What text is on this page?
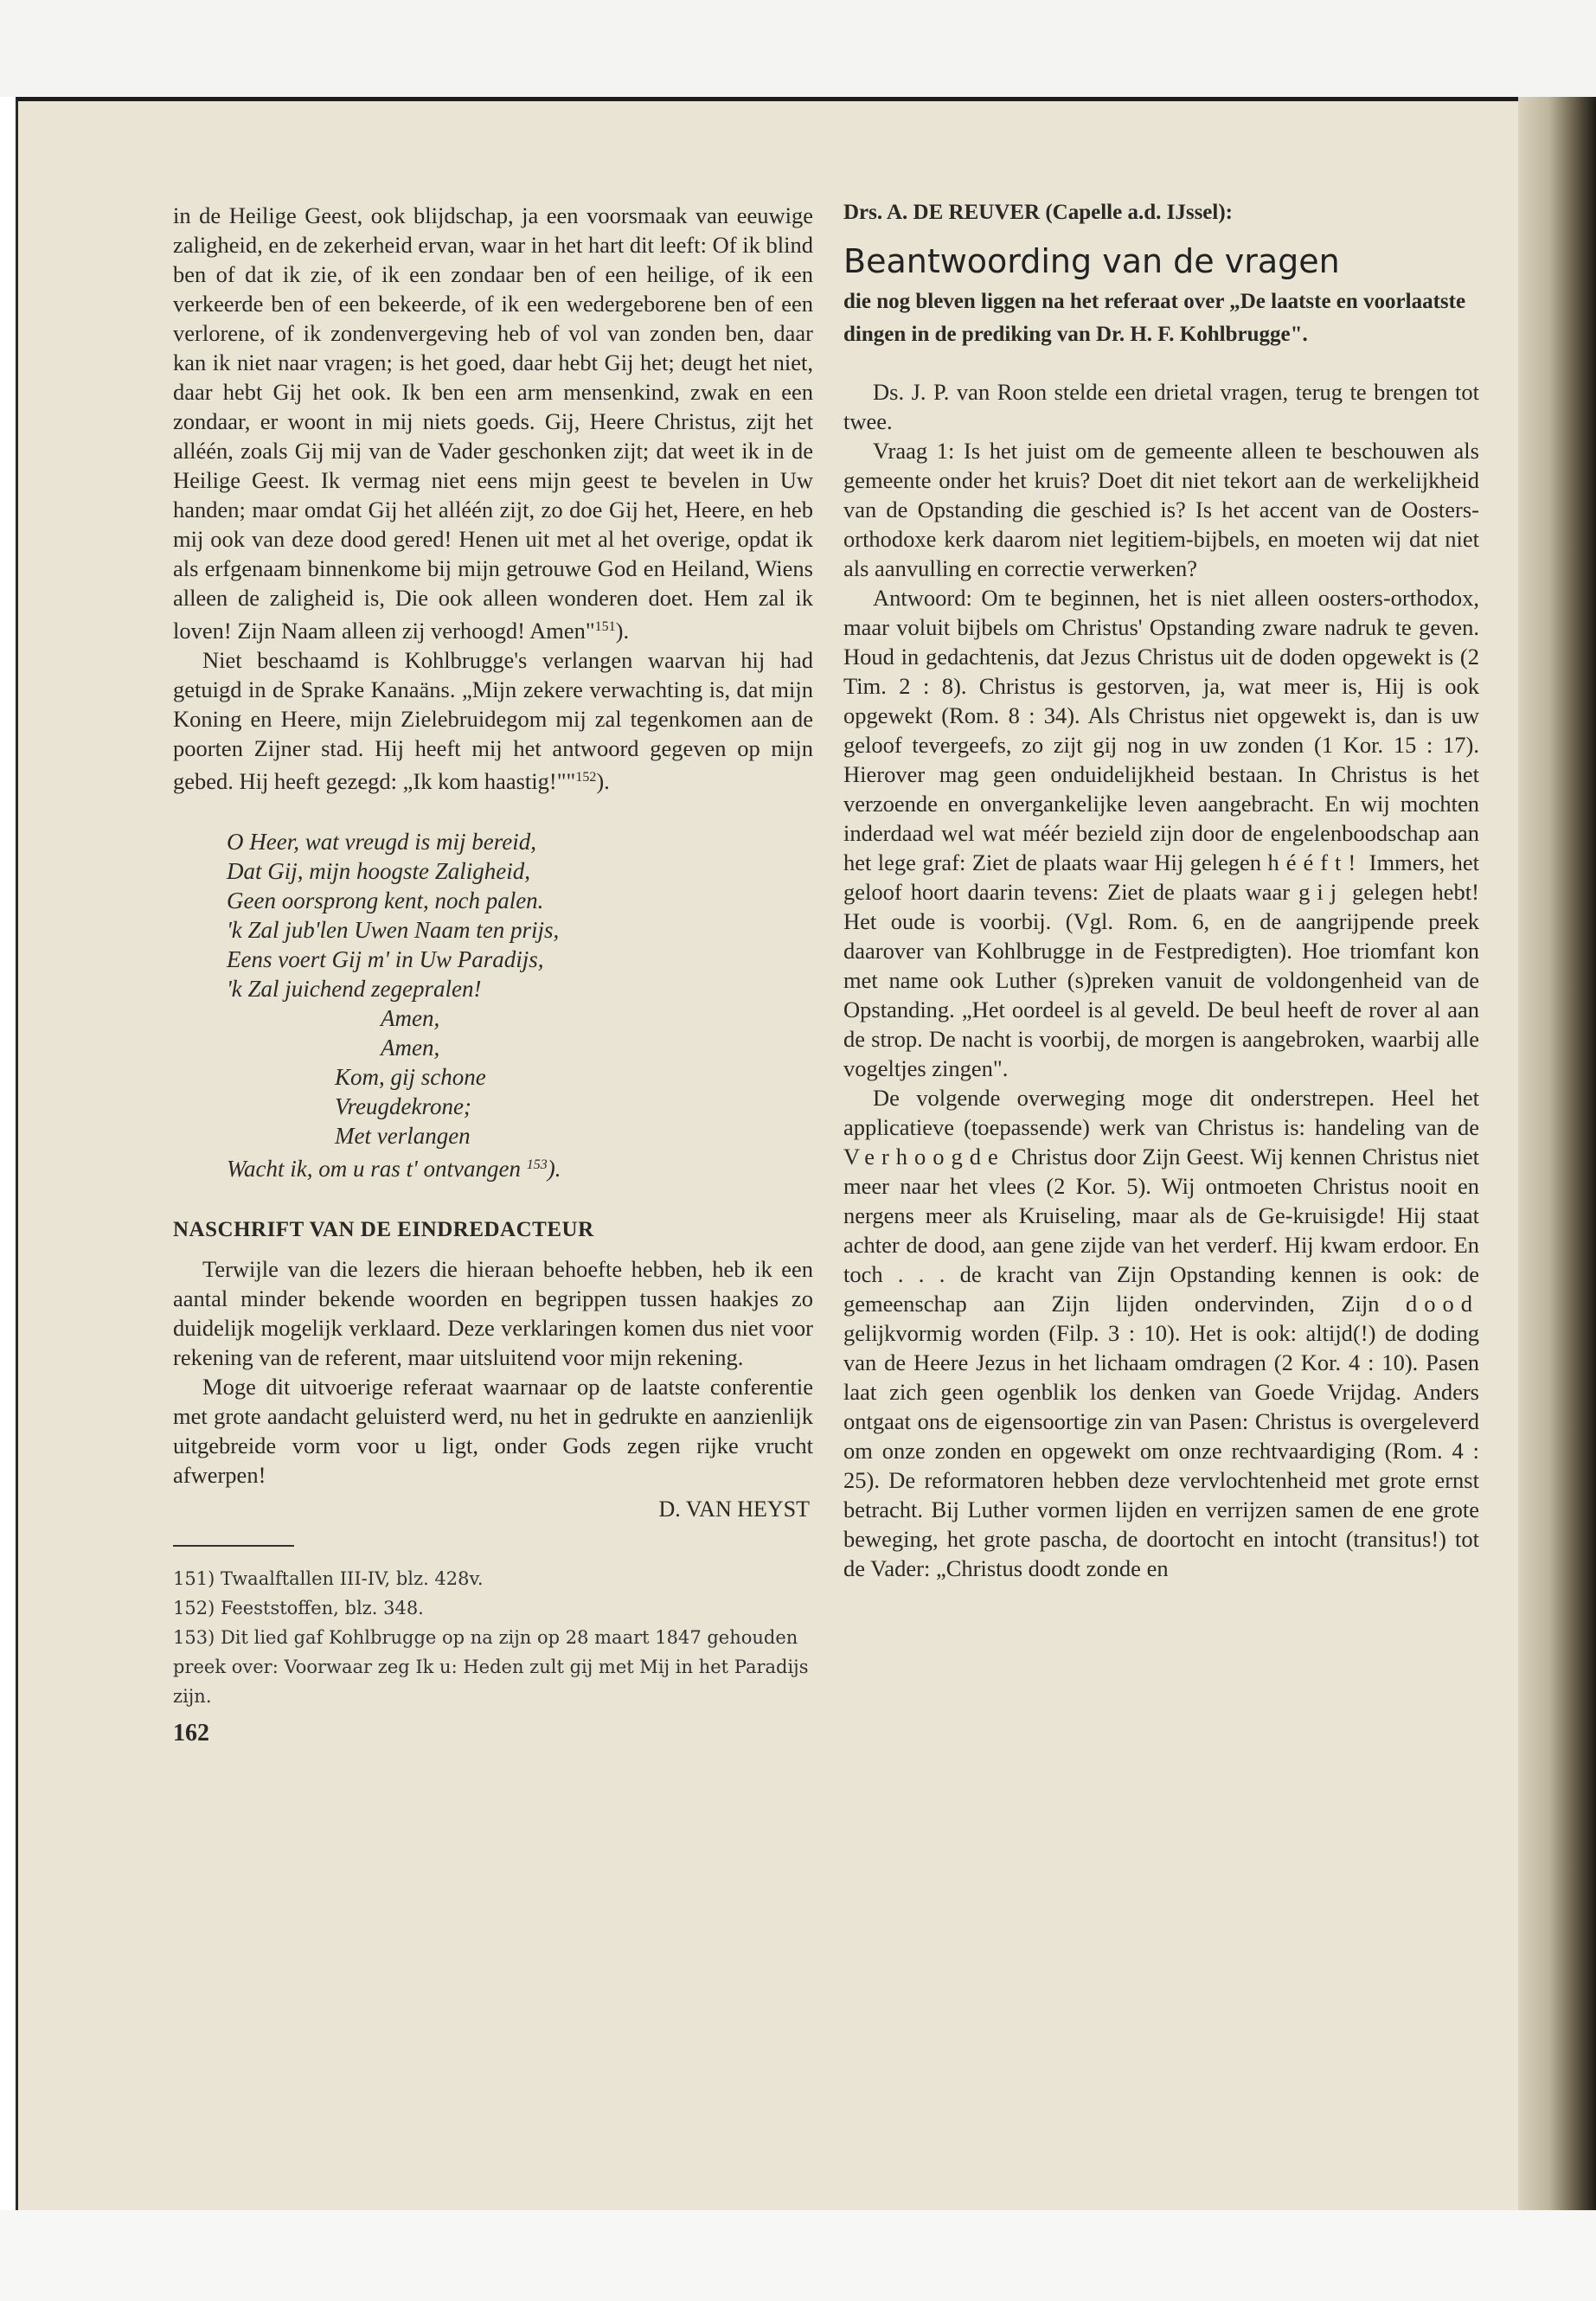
in de Heilige Geest, ook blijdschap, ja een voorsmaak van eeuwige zaligheid, en de zekerheid ervan, waar in het hart dit leeft: Of ik blind ben of dat ik zie, of ik een zondaar ben of een heilige, of ik een verkeerde ben of een bekeerde, of ik een wedergeborene ben of een verlorene, of ik zondenvergeving heb of vol van zonden ben, daar kan ik niet naar vragen; is het goed, daar hebt Gij het; deugt het niet, daar hebt Gij het ook. Ik ben een arm mensenkind, zwak en een zondaar, er woont in mij niets goeds. Gij, Heere Christus, zijt het alléén, zoals Gij mij van de Vader geschonken zijt; dat weet ik in de Heilige Geest. Ik vermag niet eens mijn geest te bevelen in Uw handen; maar omdat Gij het alléén zijt, zo doe Gij het, Heere, en heb mij ook van deze dood gered! Henen uit met al het overige, opdat ik als erfgenaam binnenkome bij mijn getrouwe God en Heiland, Wiens alleen de zaligheid is, Die ook alleen wonderen doet. Hem zal ik loven! Zijn Naam alleen zij verhoogd! Amen"$^{151}$).

Niet beschaamd is Kohlbrugge's verlangen waarvan hij had getuigd in de Sprake Kanaäns. „Mijn zekere verwachting is, dat mijn Koning en Heere, mijn Zielebruidegom mij zal tegenkomen aan de poorten Zijner stad. Hij heeft mij het antwoord gegeven op mijn gebed. Hij heeft gezegd: „Ik kom haastig!""$^{152}$).

O Heer, wat vreugd is mij bereid,
Dat Gij, mijn hoogste Zaligheid,
Geen oorsprong kent, noch palen.
'k Zal jub'len Uwen Naam ten prijs,
Eens voert Gij m' in Uw Paradijs,
'k Zal juichend zegepralen!
Amen,
Amen,
Kom, gij schone
Vreugdekrone;
Met verlangen
Wacht ik, om u ras t' ontvangen $^{153}$).
NASCHRIFT VAN DE EINDREDACTEUR

Terwijle van die lezers die hieraan behoefte hebben, heb ik een aantal minder bekende woorden en begrippen tussen haakjes zo duidelijk mogelijk verklaard. Deze verklaringen komen dus niet voor rekening van de referent, maar uitsluitend voor mijn rekening.

Moge dit uitvoerige referaat waarnaar op de laatste conferentie met grote aandacht geluisterd werd, nu het in gedrukte en aanzienlijk uitgebreide vorm voor u ligt, onder Gods zegen rijke vrucht afwerpen!

D. VAN HEYST

151) Twaalftallen III-IV, blz. 428v.

152) Feeststoffen, blz. 348.

153) Dit lied gaf Kohlbrugge op na zijn op 28 maart 1847 gehouden preek over: Voorwaar zeg Ik u: Heden zult gij met Mij in het Paradijs zijn.

162

Drs. A. DE REUVER (Capelle a.d. IJssel):

Beantwoording van de vragen

die nog bleven liggen na het referaat over „De laatste en voorlaatste dingen in de prediking van Dr. H. F. Kohlbrugge".

Ds. J. P. van Roon stelde een drietal vragen, terug te brengen tot twee.

Vraag 1: Is het juist om de gemeente alleen te beschouwen als gemeente onder het kruis? Doet dit niet tekort aan de werkelijkheid van de Opstanding die geschied is? Is het accent van de Oosters-orthodoxe kerk daarom niet legitiem-bijbels, en moeten wij dat niet als aanvulling en correctie verwerken?

Antwoord: Om te beginnen, het is niet alleen oosters-orthodox, maar voluit bijbels om Christus' Opstanding zware nadruk te geven. Houd in gedachtenis, dat Jezus Christus uit de doden opgewekt is (2 Tim. 2 : 8). Christus is gestorven, ja, wat meer is, Hij is ook opgewekt (Rom. 8 : 34). Als Christus niet opgewekt is, dan is uw geloof tevergeefs, zo zijt gij nog in uw zonden (1 Kor. 15 : 17). Hierover mag geen onduidelijkheid bestaan. In Christus is het verzoende en onvergankelijke leven aangebracht. En wij mochten inderdaad wel wat méér bezield zijn door de engelenboodschap aan het lege graf: Ziet de plaats waar Hij gelegen hééft! Immers, het geloof hoort daarin tevens: Ziet de plaats waar gij gelegen hebt! Het oude is voorbij. (Vgl. Rom. 6, en de aangrijpende preek daarover van Kohlbrugge in de Festpredigten). Hoe triomfant kon met name ook Luther (s)preken vanuit de voldongenheid van de Opstanding. „Het oordeel is al geveld. De beul heeft de rover al aan de strop. De nacht is voorbij, de morgen is aangebroken, waarbij alle vogeltjes zingen".

De volgende overweging moge dit onderstrepen. Heel het applicatieve (toepassende) werk van Christus is: handeling van de Verhoogde Christus door Zijn Geest. Wij kennen Christus niet meer naar het vlees (2 Kor. 5). Wij ontmoeten Christus nooit en nergens meer als Kruiseling, maar als de Ge-kruisigde! Hij staat achter de dood, aan gene zijde van het verderf. Hij kwam erdoor. En toch . . . de kracht van Zijn Opstanding kennen is ook: de gemeenschap aan Zijn lijden ondervinden, Zijn dood gelijkvormig worden (Filp. 3 : 10). Het is ook: altijd(!) de doding van de Heere Jezus in het lichaam omdragen (2 Kor. 4 : 10). Pasen laat zich geen ogenblik los denken van Goede Vrijdag. Anders ontgaat ons de eigensoortige zin van Pasen: Christus is overgeleverd om onze zonden en opgewekt om onze rechtvaardiging (Rom. 4 : 25). De reformatoren hebben deze vervlochtenheid met grote ernst betracht. Bij Luther vormen lijden en verrijzen samen de ene grote beweging, het grote pascha, de doortocht en intocht (transitus!) tot de Vader: „Christus doodt zonde en
